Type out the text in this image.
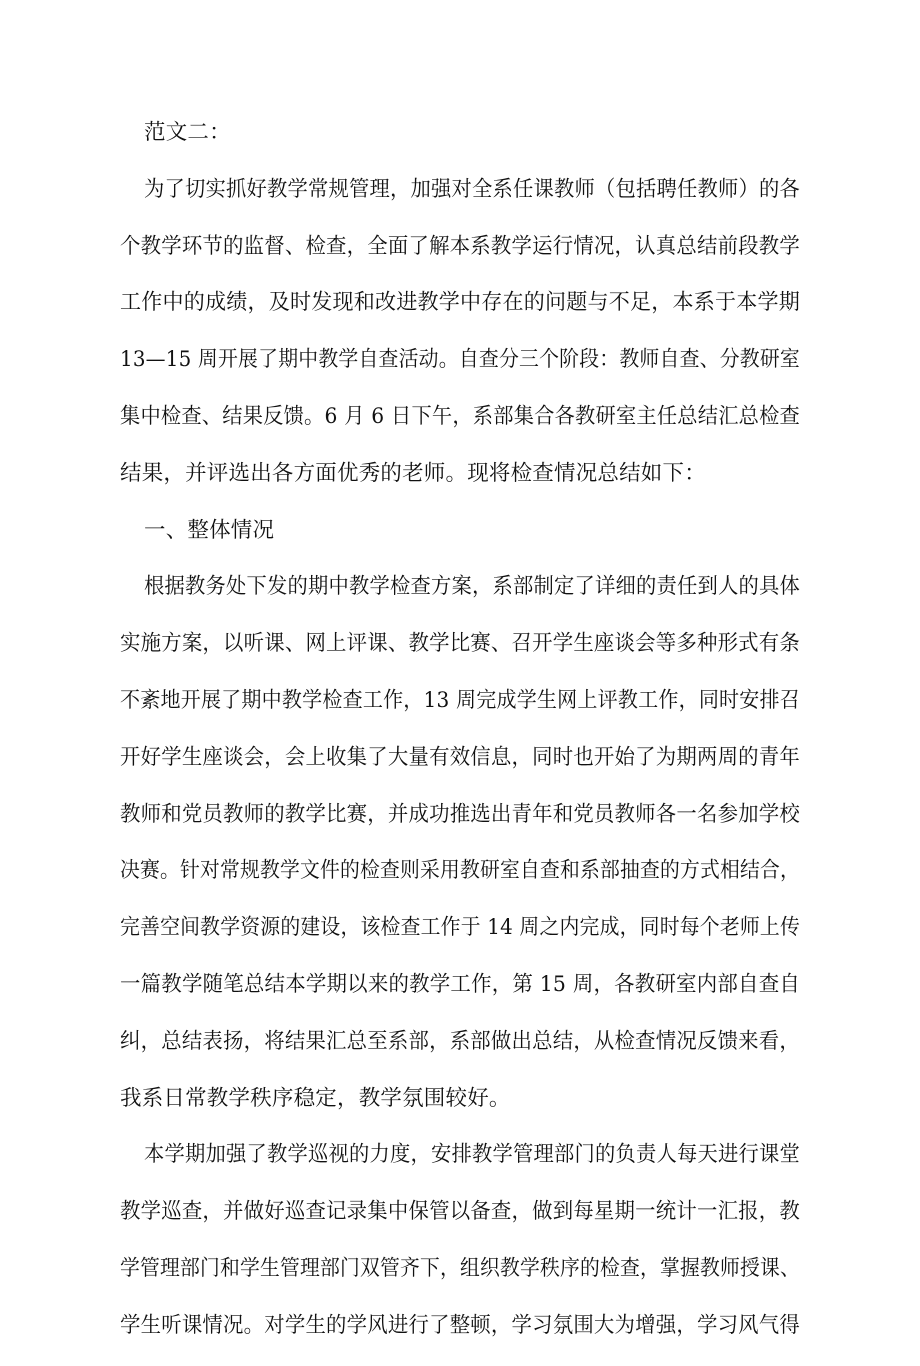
范文二：
为了切实抓好教学常规管理，加强对全系任课教师（包括聘任教师）的各
个教学环节的监督、检查，全面了解本系教学运行情况，认真总结前段教学
工作中的成绩，及时发现和改进教学中存在的问题与不足，本系于本学期
13—15 周开展了期中教学自查活动。自查分三个阶段：教师自查、分教研室
集中检查、结果反馈。6 月 6 日下午，系部集合各教研室主任总结汇总检查
结果，并评选出各方面优秀的老师。现将检查情况总结如下：
一、整体情况
根据教务处下发的期中教学检查方案，系部制定了详细的责任到人的具体
实施方案，以听课、网上评课、教学比赛、召开学生座谈会等多种形式有条
不紊地开展了期中教学检查工作，13 周完成学生网上评教工作，同时安排召
开好学生座谈会，会上收集了大量有效信息，同时也开始了为期两周的青年
教师和党员教师的教学比赛，并成功推选出青年和党员教师各一名参加学校
决赛。针对常规教学文件的检查则采用教研室自查和系部抽查的方式相结合，
完善空间教学资源的建设，该检查工作于 14 周之内完成，同时每个老师上传
一篇教学随笔总结本学期以来的教学工作，第 15 周，各教研室内部自查自
纠，总结表扬，将结果汇总至系部，系部做出总结，从检查情况反馈来看，
我系日常教学秩序稳定，教学氛围较好。
本学期加强了教学巡视的力度，安排教学管理部门的负责人每天进行课堂
教学巡查，并做好巡查记录集中保管以备查，做到每星期一统计一汇报，教
学管理部门和学生管理部门双管齐下，组织教学秩序的检查，掌握教师授课、
学生听课情况。对学生的学风进行了整顿，学习氛围大为增强，学习风气得
